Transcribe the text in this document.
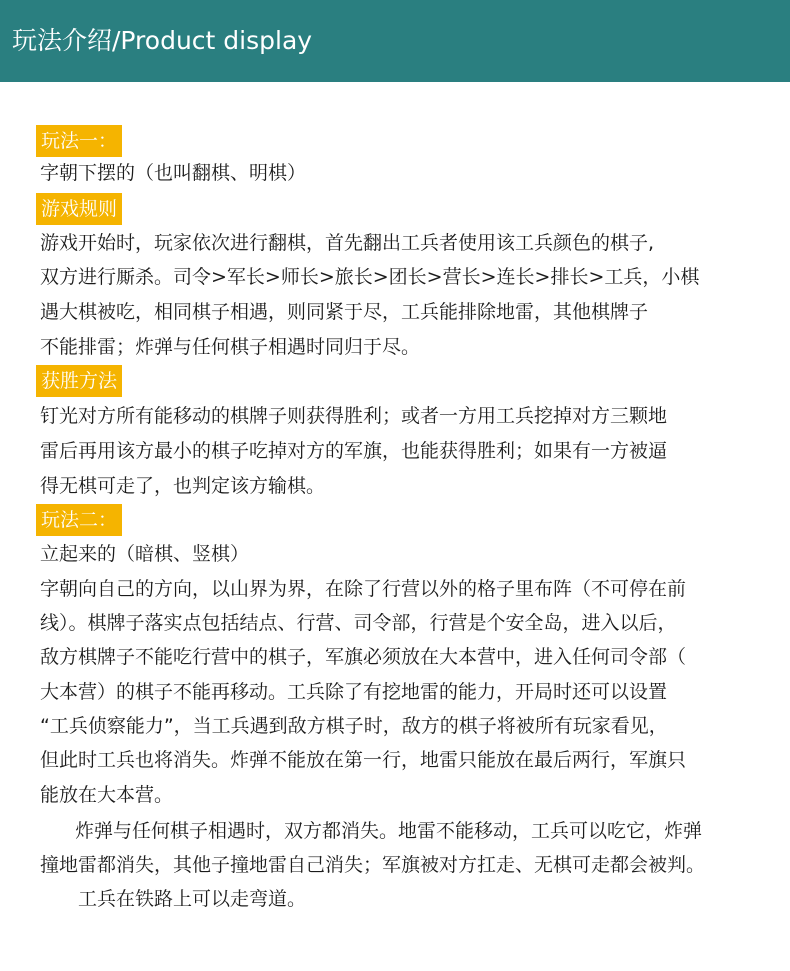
玩法介绍/Product display
玩法一：
字朝下摆的（也叫翻棋、明棋）
游戏规则
游戏开始时，玩家依次进行翻棋，首先翻出工兵者使用该工兵颜色的棋子,
双方进行厮杀。司令>军长>师长>旅长>团长>营长>连长>排长>工兵，小棋
遇大棋被吃，相同棋子相遇，则同紧于尽，工兵能排除地雷，其他棋牌子
不能排雷；炸弹与任何棋子相遇时同归于尽。
获胜方法
钉光对方所有能移动的棋牌子则获得胜利；或者一方用工兵挖掉对方三颗地
雷后再用该方最小的棋子吃掉对方的军旗，也能获得胜利；如果有一方被逼
得无棋可走了，也判定该方输棋。
玩法二：
立起来的（暗棋、竖棋）
字朝向自己的方向，以山界为界，在除了行营以外的格子里布阵（不可停在前
线）。棋牌子落实点包括结点、行营、司令部，行营是个安全岛，进入以后，
敌方棋牌子不能吃行营中的棋子，军旗必须放在大本营中，进入任何司令部（
大本营）的棋子不能再移动。工兵除了有挖地雷的能力，开局时还可以设置
“工兵侦察能力”，当工兵遇到敌方棋子时，敌方的棋子将被所有玩家看见，
但此时工兵也将消失。炸弹不能放在第一行，地雷只能放在最后两行，军旗只
能放在大本营。
炸弹与任何棋子相遇时，双方都消失。地雷不能移动，工兵可以吃它，炸弹
撞地雷都消失，其他子撞地雷自己消失；军旗被对方扛走、无棋可走都会被判。
工兵在铁路上可以走弯道。
